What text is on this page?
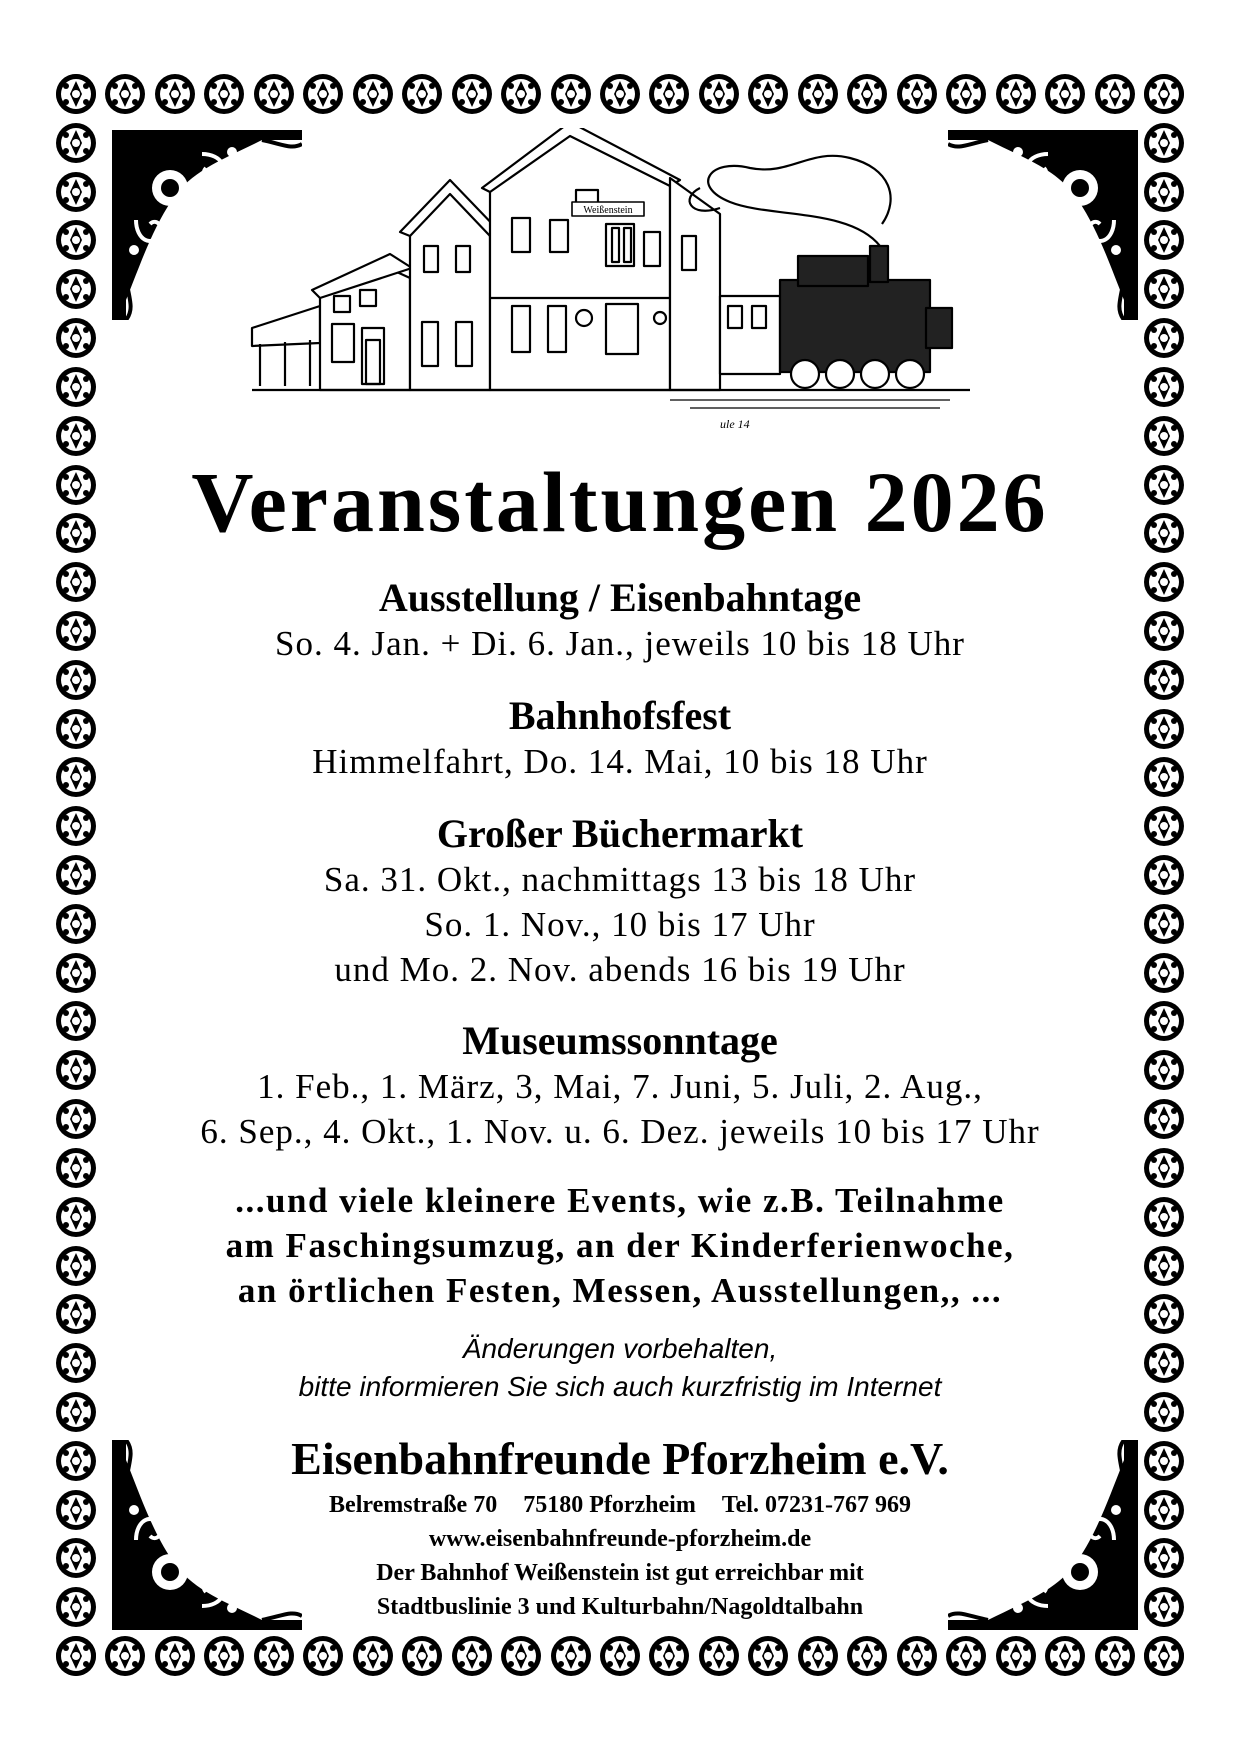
Weißenstein
ule 14
Veranstaltungen 2026
Ausstellung / Eisenbahntage
So. 4. Jan. + Di. 6. Jan., jeweils 10 bis 18 Uhr
Bahnhofsfest
Himmelfahrt, Do. 14. Mai, 10 bis 18 Uhr
Großer Büchermarkt
Sa. 31. Okt., nachmittags 13 bis 18 Uhr
So. 1. Nov., 10 bis 17 Uhr
und Mo. 2. Nov. abends 16 bis 19 Uhr
Museumssonntage
1. Feb., 1. März, 3, Mai, 7. Juni, 5. Juli, 2. Aug.,
6. Sep., 4. Okt., 1. Nov. u. 6. Dez. jeweils 10 bis 17 Uhr
...und viele kleinere Events, wie z.B. Teilnahme
am Faschingsumzug, an der Kinderferienwoche,
an örtlichen Festen, Messen, Ausstellungen,, ...
Änderungen vorbehalten,
bitte informieren Sie sich auch kurzfristig im Internet
Eisenbahnfreunde Pforzheim e.V.
Belremstraße 70 75180 Pforzheim Tel. 07231-767 969
www.eisenbahnfreunde-pforzheim.de
Der Bahnhof Weißenstein ist gut erreichbar mit
Stadtbuslinie 3 und Kulturbahn/Nagoldtalbahn
